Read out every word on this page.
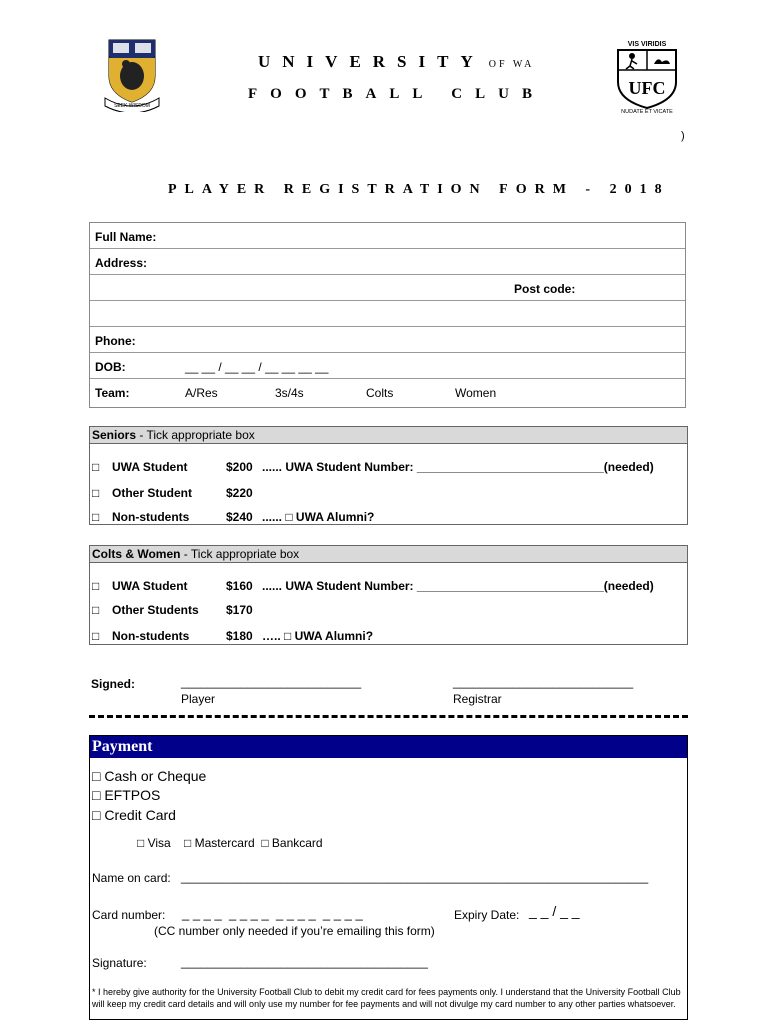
SEEK WISDOM
UNIVERSITY OF WA
FOOTBALL CLUB
VIS VIRIDIS
UFC
NUDATE ET VICATE
)
PLAYER REGISTRATION FORM - 2018
Full Name:
Address:
Post code:
Phone:
DOB:	__ __ / __ __ / __ __ __ __
Team:	A/Res	3s/4s	Colts	Women
Seniors - Tick appropriate box
□ UWA Student	$200 ...... UWA Student Number: ____________________________(needed)
□ Other Student	$220
□ Non-students	$240 ...... □ UWA Alumni?
Colts & Women - Tick appropriate box
□ UWA Student	$160 ...... UWA Student Number: ____________________________(needed)
□ Other Students $170
□ Non-students	$180 ….. □ UWA Alumni?
Signed:	___________________________
Player
___________________________
Registrar
Payment
□ Cash or Cheque
□ EFTPOS
□ Credit Card
□ Visa    □ Mastercard  □ Bankcard
Name on card: ______________________________________________________________________
Card number: _ _ _ _  _ _ _ _  _ _ _ _  _ _ _ _	Expiry Date: _ _ / _ _
(CC number only needed if you’re emailing this form)
Signature:	_____________________________________
* I hereby give authority for the University Football Club to debit my credit card for fees payments only. I understand that the University Football Club will keep my credit card details and will only use my number for fee payments and will not divulge my card number to any other parties whatsoever.
